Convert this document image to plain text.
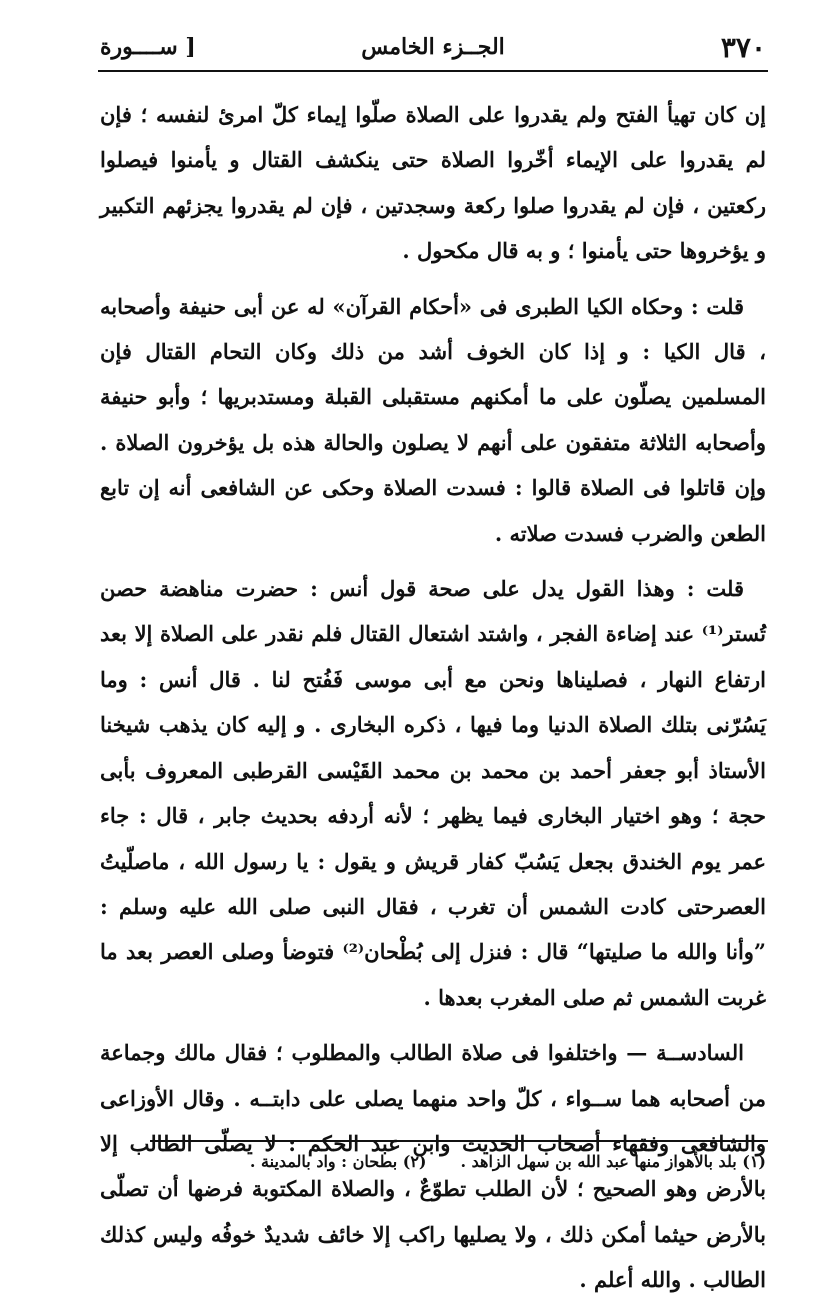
٣٧٠
الجــزء الخامس
[ ســــورة

إن كان تهيأ الفتح ولم يقدروا على الصلاة صلّوا إيماء كلّ امرئ لنفسه ؛ فإن لم يقدروا على الإيماء أخّروا الصلاة حتى ينكشف القتال و يأمنوا فيصلوا ركعتين ، فإن لم يقدروا صلوا ركعة وسجدتين ، فإن لم يقدروا يجزئهم التكبير و يؤخروها حتى يأمنوا ؛ و به قال مكحول .

قلت : وحكاه الكيا الطبرى فى «أحكام القرآن» له عن أبى حنيفة وأصحابه ، قال الكيا : و إذا كان الخوف أشد من ذلك وكان التحام القتال فإن المسلمين يصلّون على ما أمكنهم مستقبلى القبلة ومستدبريها ؛ وأبو حنيفة وأصحابه الثلاثة متفقون على أنهم لا يصلون والحالة هذه بل يؤخرون الصلاة . وإن قاتلوا فى الصلاة قالوا : فسدت الصلاة وحكى عن الشافعى أنه إن تابع الطعن والضرب فسدت صلاته .

قلت : وهذا القول يدل على صحة قول أنس : حضرت مناهضة حصن تُستر⁽¹⁾ عند إضاءة الفجر ، واشتد اشتعال القتال فلم نقدر على الصلاة إلا بعد ارتفاع النهار ، فصليناها ونحن مع أبى موسى فَفُتح لنا . قال أنس : وما يَسُرّنى بتلك الصلاة الدنيا وما فيها ، ذكره البخارى . و إليه كان يذهب شيخنا الأستاذ أبو جعفر أحمد بن محمد بن محمد القَيْسى القرطبى المعروف بأبى حجة ؛ وهو اختيار البخارى فيما يظهر ؛ لأنه أردفه بحديث جابر ، قال : جاء عمر يوم الخندق بجعل يَسُبّ كفار قريش و يقول : يا رسول الله ، ماصلّيتُ العصرحتى كادت الشمس أن تغرب ، فقال النبى صلى الله عليه وسلم : ”وأنا والله ما صليتها“ قال : فنزل إلى بُطْحان⁽²⁾ فتوضأ وصلى العصر بعد ما غربت الشمس ثم صلى المغرب بعدها .

السادســة — واختلفوا فى صلاة الطالب والمطلوب ؛ فقال مالك وجماعة من أصحابه هما ســواء ، كلّ واحد منهما يصلى على دابتــه . وقال الأوزاعى والشافعى وفقهاء أصحاب الحديث وابن عبد الحكم : لا يصلّى الطالب إلا بالأرض وهو الصحيح ؛ لأن الطلب تطوّعٌ ، والصلاة المكتوبة فرضها أن تصلّى بالأرض حيثما أمكن ذلك ، ولا يصليها راكب إلا خائف شديدٌ خوفُه وليس كذلك الطالب . والله أعلم .

(١) بلد بالأهواز منها عبد الله بن سهل الزاهد .
(٢) بطحان : واد بالمدينة .
